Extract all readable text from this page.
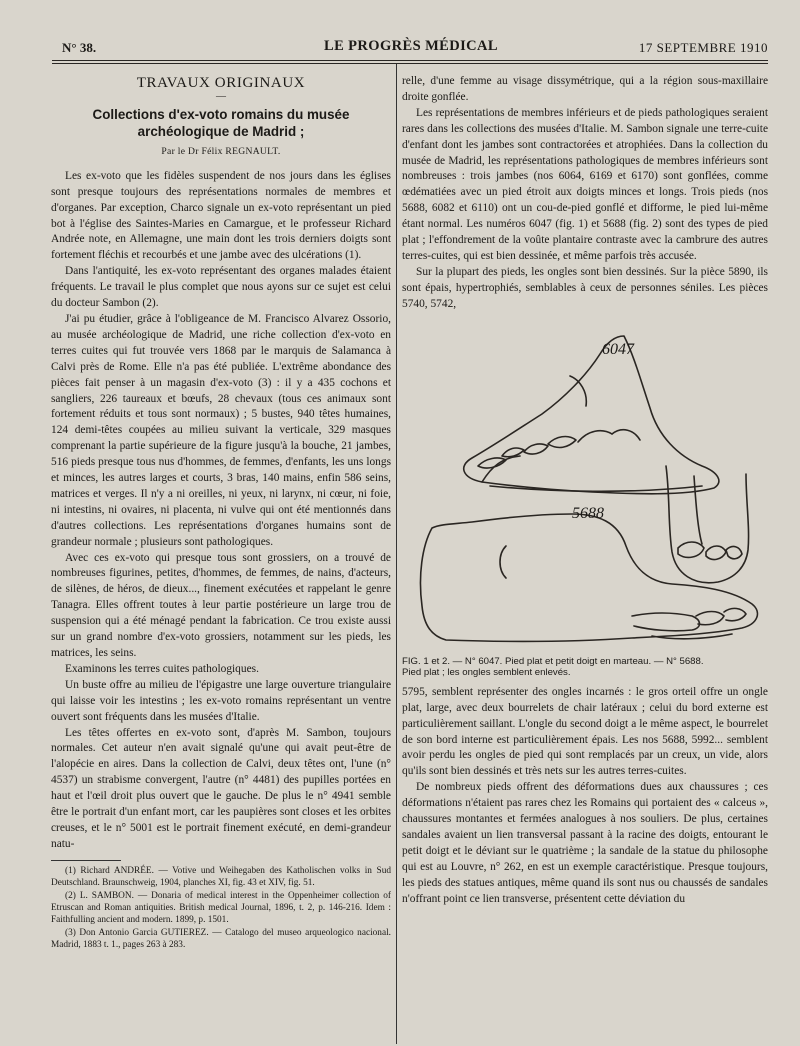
N° 38.	LE PROGRÈS MÉDICAL	17 SEPTEMBRE 1910
TRAVAUX ORIGINAUX
—
Collections d'ex-voto romains du musée
archéologique de Madrid ;
Par le Dr Félix REGNAULT.

Les ex-voto que les fidèles suspendent de nos jours dans les églises sont presque toujours des représentations normales de membres et d'organes. Par exception, Charco signale un ex-voto représentant un pied bot à l'église des Saintes-Maries en Camargue, et le professeur Richard Andrée note, en Allemagne, une main dont les trois derniers doigts sont fortement fléchis et recourbés et une jambe avec des ulcérations (1).

Dans l'antiquité, les ex-voto représentant des organes malades étaient fréquents. Le travail le plus complet que nous ayons sur ce sujet est celui du docteur Sambon (2).

J'ai pu étudier, grâce à l'obligeance de M. Francisco Alvarez Ossorio, au musée archéologique de Madrid, une riche collection d'ex-voto en terres cuites qui fut trouvée vers 1868 par le marquis de Salamanca à Calvi près de Rome. Elle n'a pas été publiée. L'extrême abondance des pièces fait penser à un magasin d'ex-voto (3) : il y a 435 cochons et sangliers, 226 taureaux et bœufs, 28 chevaux (tous ces animaux sont fortement réduits et tous sont normaux) ; 5 bustes, 940 têtes humaines, 124 demi-têtes coupées au milieu suivant la verticale, 329 masques comprenant la partie supérieure de la figure jusqu'à la bouche, 21 jambes, 516 pieds presque tous nus d'hommes, de femmes, d'enfants, les uns longs et minces, les autres larges et courts, 3 bras, 140 mains, enfin 586 seins, matrices et verges. Il n'y a ni oreilles, ni yeux, ni larynx, ni cœur, ni foie, ni intestins, ni ovaires, ni placenta, ni vulve qui ont été mentionnés dans d'autres collections. Les représentations d'organes humains sont de grandeur normale ; plusieurs sont pathologiques.

Avec ces ex-voto qui presque tous sont grossiers, on a trouvé de nombreuses figurines, petites, d'hommes, de femmes, de nains, d'acteurs, de silènes, de héros, de dieux..., finement exécutées et rappelant le genre Tanagra. Elles offrent toutes à leur partie postérieure un large trou de suspension qui a été ménagé pendant la fabrication. Ce trou existe aussi sur un grand nombre d'ex-voto grossiers, notamment sur les pieds, les matrices, les seins.

Examinons les terres cuites pathologiques.

Un buste offre au milieu de l'épigastre une large ouverture triangulaire qui laisse voir les intestins ; les ex-voto romains représentant un ventre ouvert sont fréquents dans les musées d'Italie.

Les têtes offertes en ex-voto sont, d'après M. Sambon, toujours normales. Cet auteur n'en avait signalé qu'une qui avait peut-être de l'alopécie en aires. Dans la collection de Calvi, deux têtes ont, l'une (n° 4537) un strabisme convergent, l'autre (n° 4481) des pupilles portées en haut et l'œil droit plus ouvert que le gauche. De plus le n° 4941 semble être le portrait d'un enfant mort, car les paupières sont closes et les orbites creuses, et le n° 5001 est le portrait finement exécuté, en demi-grandeur natu-

(1) Richard ANDRÉE. — Votive und Weihegaben des Katholischen volks in Sud Deutschland. Braunschweig, 1904, planches XI, fig. 43 et XIV, fig. 51.

(2) L. SAMBON. — Donaria of medical interest in the Oppenheimer collection of Etruscan and Roman antiquities. British medical Journal, 1896, t. 2, p. 146-216. Idem : Faithfulling ancient and modern. 1899, p. 1501.

(3) Don Antonio Garcia GUTIEREZ. — Catalogo del museo arqueologico nacional. Madrid, 1883 t. 1., pages 263 à 283.

relle, d'une femme au visage dissymétrique, qui a la région sous-maxillaire droite gonflée.

Les représentations de membres inférieurs et de pieds pathologiques seraient rares dans les collections des musées d'Italie. M. Sambon signale une terre-cuite d'enfant dont les jambes sont contractorées et atrophiées. Dans la collection du musée de Madrid, les représentations pathologiques de membres inférieurs sont nombreuses : trois jambes (nos 6064, 6169 et 6170) sont gonflées, comme œdématiées avec un pied étroit aux doigts minces et longs. Trois pieds (nos 5688, 6082 et 6110) ont un cou-de-pied gonflé et difforme, le pied lui-même étant normal. Les numéros 6047 (fig. 1) et 5688 (fig. 2) sont des types de pied plat ; l'effondrement de la voûte plantaire contraste avec la cambrure des autres terres-cuites, qui est bien dessinée, et même parfois très accusée.

Sur la plupart des pieds, les ongles sont bien dessinés. Sur la pièce 5890, ils sont épais, hypertrophiés, semblables à ceux de personnes séniles. Les pièces 5740, 5742,

6047
5688
FIG. 1 et 2. — N° 6047. Pied plat et petit doigt en marteau. — N° 5688.
Pied plat ; les ongles semblent enlevés.

5795, semblent représenter des ongles incarnés : le gros orteil offre un ongle plat, large, avec deux bourrelets de chair latéraux ; celui du bord externe est particulièrement saillant. L'ongle du second doigt a le même aspect, le bourrelet de son bord interne est particulièrement épais. Les nos 5688, 5992... semblent avoir perdu les ongles de pied qui sont remplacés par un creux, un vide, alors qu'ils sont bien dessinés et très nets sur les autres terres-cuites.

De nombreux pieds offrent des déformations dues aux chaussures ; ces déformations n'étaient pas rares chez les Romains qui portaient des « calceus », chaussures montantes et fermées analogues à nos souliers. De plus, certaines sandales avaient un lien transversal passant à la racine des doigts, entourant le petit doigt et le déviant sur le quatrième ; la sandale de la statue du philosophe qui est au Louvre, n° 262, en est un exemple caractéristique. Presque toujours, les pieds des statues antiques, même quand ils sont nus ou chaussés de sandales n'offrant point ce lien transverse, présentent cette déviation du
